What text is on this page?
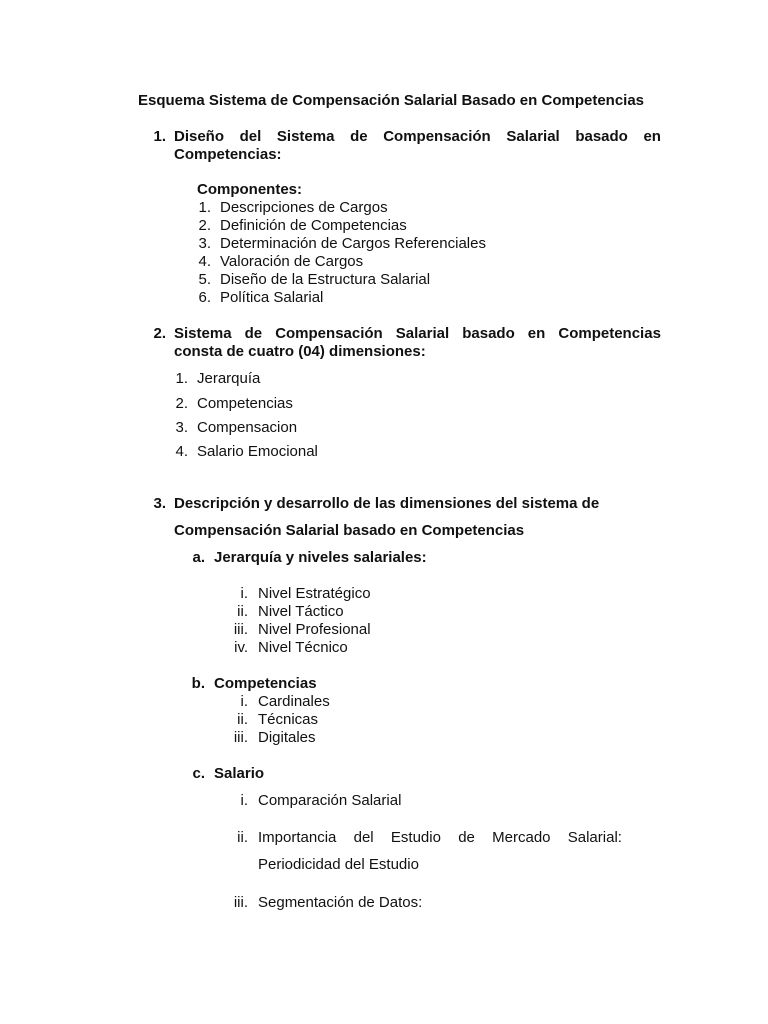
Esquema Sistema de Compensación Salarial Basado en Competencias
1. Diseño del Sistema de Compensación Salarial basado en
Competencias:
Componentes:
1. Descripciones de Cargos
2. Definición de Competencias
3. Determinación de Cargos Referenciales
4. Valoración de Cargos
5. Diseño de la Estructura Salarial
6. Política Salarial
2. Sistema de Compensación Salarial basado en Competencias
consta de cuatro (04) dimensiones:
1. Jerarquía
2. Competencias
3. Compensacion
4. Salario Emocional
3. Descripción y desarrollo de las dimensiones del sistema de
Compensación Salarial basado en Competencias
a. Jerarquía y niveles salariales:
i. Nivel Estratégico
ii. Nivel Táctico
iii. Nivel Profesional
iv. Nivel Técnico
b. Competencias
i. Cardinales
ii. Técnicas
iii. Digitales
c. Salario
i. Comparación Salarial
ii. Importancia del Estudio de Mercado Salarial:
Periodicidad del Estudio
iii. Segmentación de Datos:
